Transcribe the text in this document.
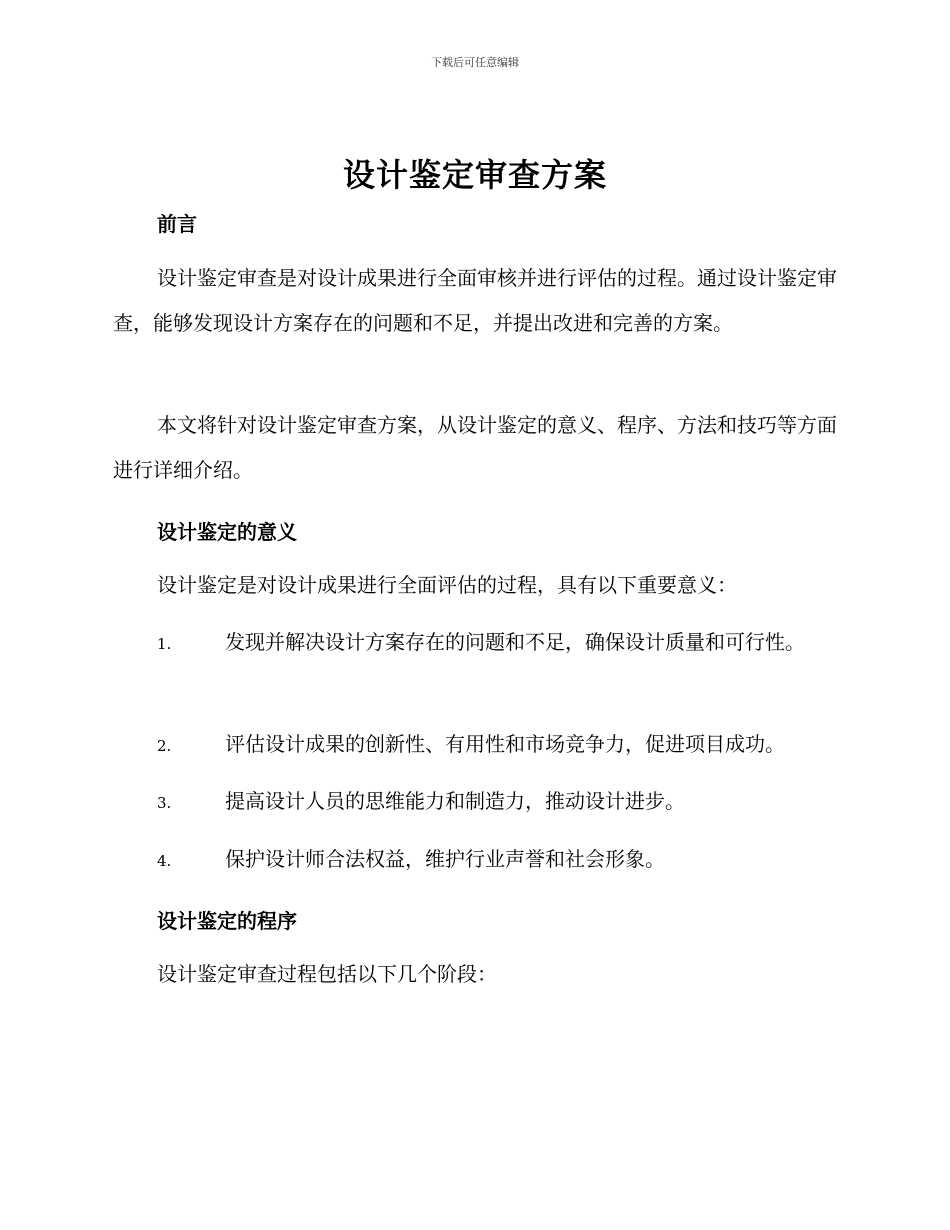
下载后可任意编辑
设计鉴定审查方案
前言

设计鉴定审查是对设计成果进行全面审核并进行评估的过程。通过设计鉴定审查，能够发现设计方案存在的问题和不足，并提出改进和完善的方案。

本文将针对设计鉴定审查方案，从设计鉴定的意义、程序、方法和技巧等方面进行详细介绍。

设计鉴定的意义

设计鉴定是对设计成果进行全面评估的过程，具有以下重要意义：

1.	发现并解决设计方案存在的问题和不足，确保设计质量和可行性。

2.	评估设计成果的创新性、有用性和市场竞争力，促进项目成功。

3.	提高设计人员的思维能力和制造力，推动设计进步。

4.	保护设计师合法权益，维护行业声誉和社会形象。

设计鉴定的程序

设计鉴定审查过程包括以下几个阶段：
